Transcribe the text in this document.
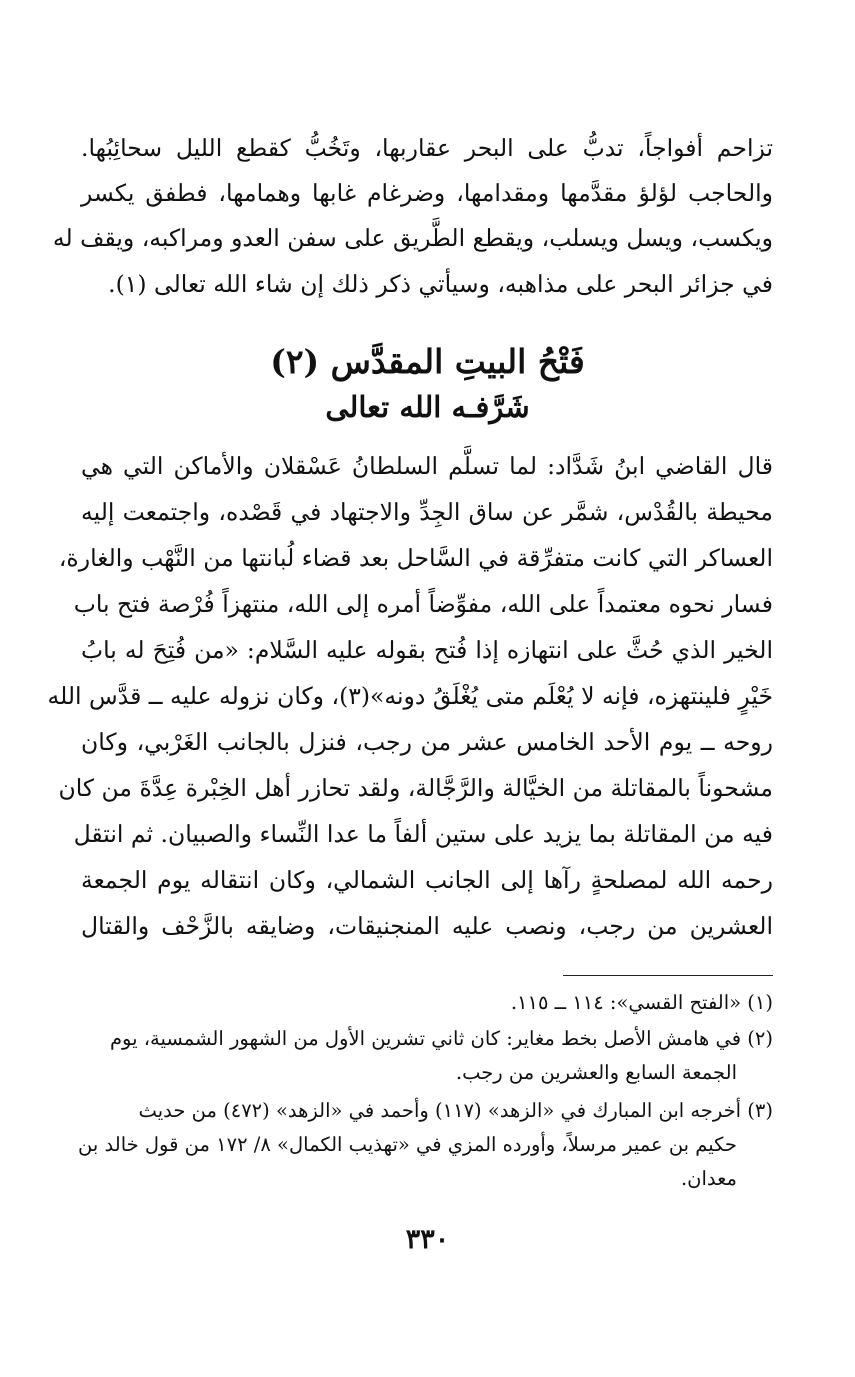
تزاحم أفواجاً، تدبُّ على البحر عقاربها، وتَخُبُّ كقطع الليل سحائِبُها.
والحاجب لؤلؤ مقدَّمها ومقدامها، وضرغام غابها وهمامها، فطفق يكسر
ويكسب، ويسل ويسلب، ويقطع الطَّريق على سفن العدو ومراكبه، ويقف له
في جزائر البحر على مذاهبه، وسيأتي ذكر ذلك إن شاء الله تعالى (١).
فَتْحُ البيتِ المقدَّس (٢)
شَرَّفـه الله تعالى
قال القاضي ابنُ شَدَّاد: لما تسلَّم السلطانُ عَسْقلان والأماكن التي هي
محيطة بالقُدْس، شمَّر عن ساق الجِدِّ والاجتهاد في قَصْده، واجتمعت إليه
العساكر التي كانت متفرِّقة في السَّاحل بعد قضاء لُبانتها من النَّهْب والغارة،
فسار نحوه معتمداً على الله، مفوِّضاً أمره إلى الله، منتهزاً فُرْصة فتح باب
الخير الذي حُثَّ على انتهازه إذا فُتح بقوله عليه السَّلام: «من فُتِحَ له بابُ
خَيْرٍ فلينتهزه، فإنه لا يُعْلَم متى يُغْلَقُ دونه»(٣)، وكان نزوله عليه ــ قدَّس الله
روحه ــ يوم الأحد الخامس عشر من رجب، فنزل بالجانب الغَرْبي، وكان
مشحوناً بالمقاتلة من الخيَّالة والرَّجَّالة، ولقد تحازر أهل الخِبْرة عِدَّةَ من كان
فيه من المقاتلة بما يزيد على ستين ألفاً ما عدا النِّساء والصبيان. ثم انتقل
رحمه الله لمصلحةٍ رآها إلى الجانب الشمالي، وكان انتقاله يوم الجمعة
العشرين من رجب، ونصب عليه المنجنيقات، وضايقه بالزَّحْف والقتال
(١) «الفتح القسي»: ١١٤ ــ ١١٥.
(٢) في هامش الأصل بخط مغاير: كان ثاني تشرين الأول من الشهور الشمسية، يوم
الجمعة السابع والعشرين من رجب.
(٣) أخرجه ابن المبارك في «الزهد» (١١٧) وأحمد في «الزهد» (٤٧٢) من حديث
حكيم بن عمير مرسلاً، وأورده المزي في «تهذيب الكمال» ٨/ ١٧٢ من قول خالد بن
معدان.
٣٣٠
